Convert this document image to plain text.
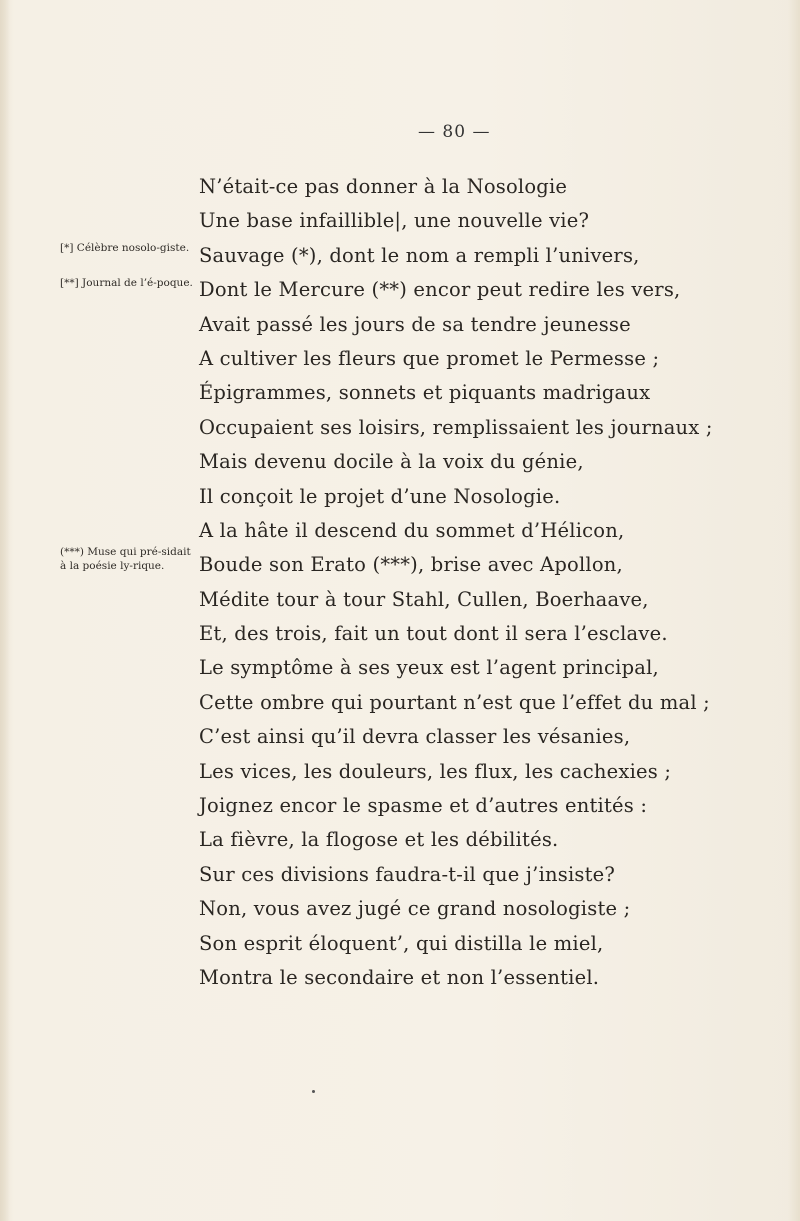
— 80 —
[*] Célèbre nosolo-giste.
[**] Journal de l’é-poque.
(***) Muse qui pré-sidait à la poésie ly-rique.
N’était-ce pas donner à la Nosologie
Une base infaillible|, une nouvelle vie?
Sauvage (*), dont le nom a rempli l’univers,
Dont le Mercure (**) encor peut redire les vers,
Avait passé les jours de sa tendre jeunesse
A cultiver les fleurs que promet le Permesse ;
Épigrammes, sonnets et piquants madrigaux
Occupaient ses loisirs, remplissaient les journaux ;
Mais devenu docile à la voix du génie,
Il conçoit le projet d’une Nosologie.
A la hâte il descend du sommet d’Hélicon,
Boude son Erato (***), brise avec Apollon,
Médite tour à tour Stahl, Cullen, Boerhaave,
Et, des trois, fait un tout dont il sera l’esclave.
Le symptôme à ses yeux est l’agent principal,
Cette ombre qui pourtant n’est que l’effet du mal ;
C’est ainsi qu’il devra classer les vésanies,
Les vices, les douleurs, les flux, les cachexies ;
Joignez encor le spasme et d’autres entités :
La fièvre, la flogose et les débilités.
Sur ces divisions faudra-t-il que j’insiste?
Non, vous avez jugé ce grand nosologiste ;
Son esprit éloquent’, qui distilla le miel,
Montra le secondaire et non l’essentiel.
